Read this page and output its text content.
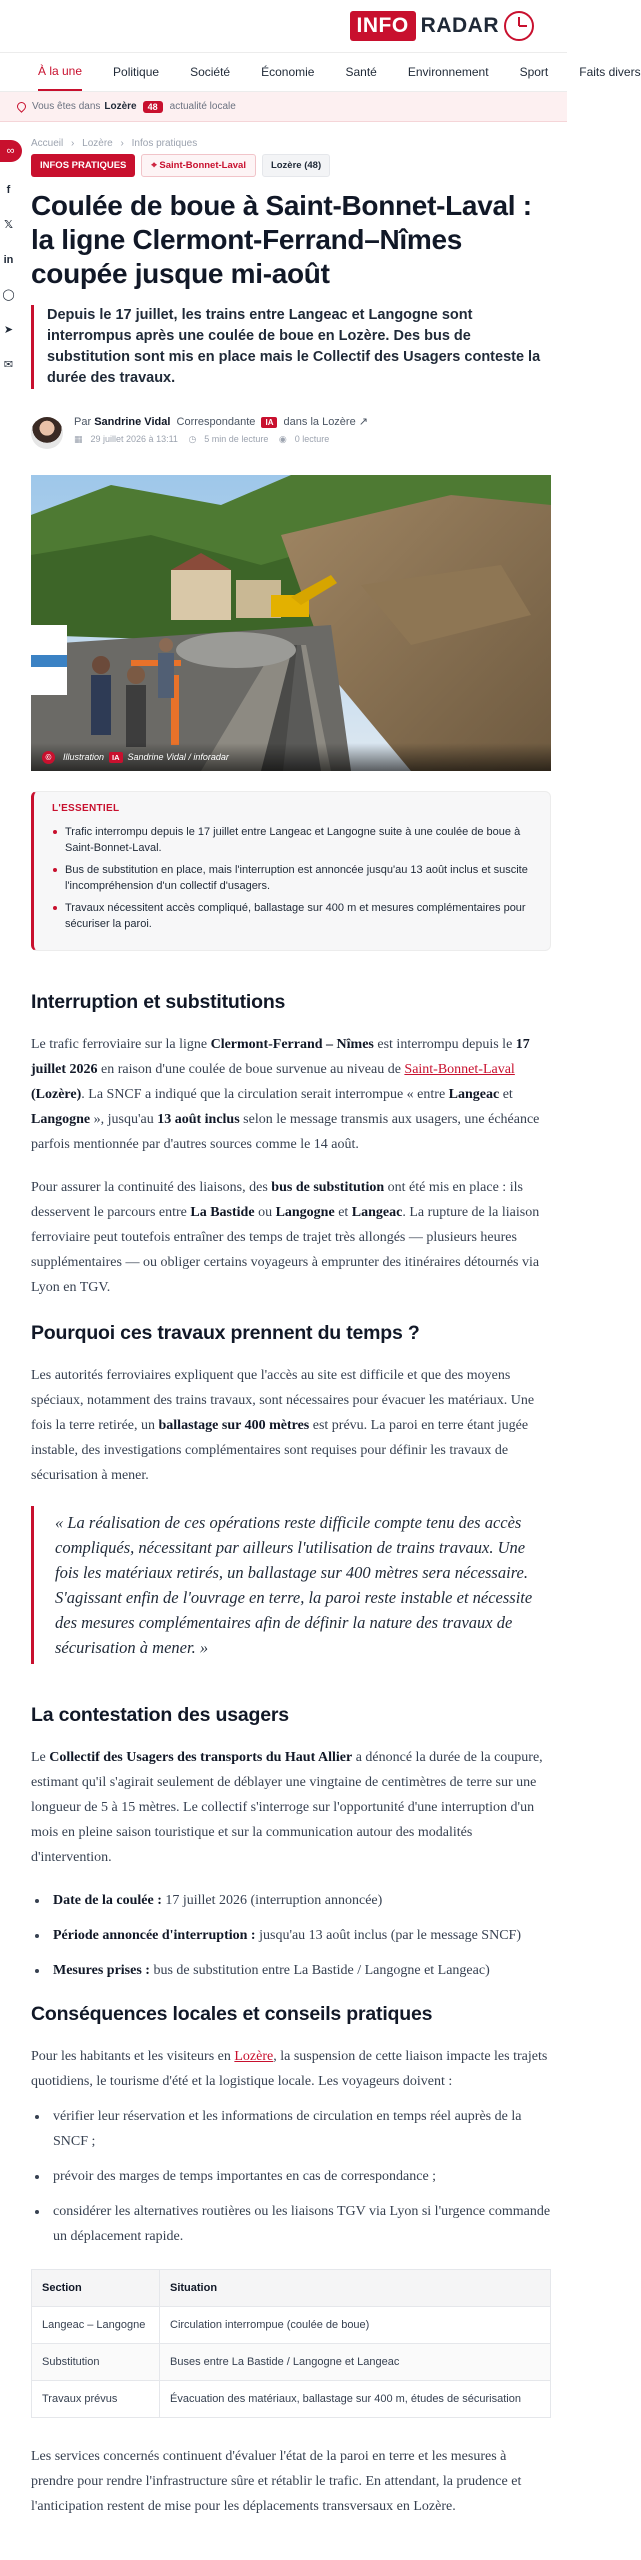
INFO RADAR
À la une	Politique	Société	Économie	Santé	Environnement	Sport	Faits divers
Vous êtes dans Lozère	48	actualité locale
∞
f
𝕏
in
◯
➤
✉
Accueil › Lozère › Infos pratiques
INFOS PRATIQUES	⌖ Saint-Bonnet-Laval	Lozère (48)
Coulée de boue à Saint-Bonnet-Laval : la ligne Clermont-Ferrand–Nîmes coupée jusque mi-août

Depuis le 17 juillet, les trains entre Langeac et Langogne sont interrompus après une coulée de boue en Lozère. Des bus de substitution sont mis en place mais le Collectif des Usagers conteste la durée des travaux.

Par Sandrine Vidal Correspondante IA dans la Lozère ↗
▦ 29 juillet 2026 à 13:11 ◷ 5 min de lecture ◉ 0 lecture
©	Illustration	IA Sandrine Vidal / inforadar
L'ESSENTIEL
Trafic interrompu depuis le 17 juillet entre Langeac et Langogne suite à une coulée de boue à Saint-Bonnet-Laval.
Bus de substitution en place, mais l'interruption est annoncée jusqu'au 13 août inclus et suscite l'incompréhension d'un collectif d'usagers.
Travaux nécessitent accès compliqué, ballastage sur 400 m et mesures complémentaires pour sécuriser la paroi.
Interruption et substitutions

Le trafic ferroviaire sur la ligne Clermont-Ferrand – Nîmes est interrompu depuis le 17 juillet 2026 en raison d'une coulée de boue survenue au niveau de Saint-Bonnet-Laval (Lozère). La SNCF a indiqué que la circulation serait interrompue « entre Langeac et Langogne », jusqu'au 13 août inclus selon le message transmis aux usagers, une échéance parfois mentionnée par d'autres sources comme le 14 août.

Pour assurer la continuité des liaisons, des bus de substitution ont été mis en place : ils desservent le parcours entre La Bastide ou Langogne et Langeac. La rupture de la liaison ferroviaire peut toutefois entraîner des temps de trajet très allongés — plusieurs heures supplémentaires — ou obliger certains voyageurs à emprunter des itinéraires détournés via Lyon en TGV.

Pourquoi ces travaux prennent du temps ?

Les autorités ferroviaires expliquent que l'accès au site est difficile et que des moyens spéciaux, notamment des trains travaux, sont nécessaires pour évacuer les matériaux. Une fois la terre retirée, un ballastage sur 400 mètres est prévu. La paroi en terre étant jugée instable, des investigations complémentaires sont requises pour définir les travaux de sécurisation à mener.

« La réalisation de ces opérations reste difficile compte tenu des accès compliqués, nécessitant par ailleurs l'utilisation de trains travaux. Une fois les matériaux retirés, un ballastage sur 400 mètres sera nécessaire. S'agissant enfin de l'ouvrage en terre, la paroi reste instable et nécessite des mesures complémentaires afin de définir la nature des travaux de sécurisation à mener. »
La contestation des usagers

Le Collectif des Usagers des transports du Haut Allier a dénoncé la durée de la coupure, estimant qu'il s'agirait seulement de déblayer une vingtaine de centimètres de terre sur une longueur de 5 à 15 mètres. Le collectif s'interroge sur l'opportunité d'une interruption d'un mois en pleine saison touristique et sur la communication autour des modalités d'intervention.

• Date de la coulée : 17 juillet 2026 (interruption annoncée)
• Période annoncée d'interruption : jusqu'au 13 août inclus (par le message SNCF)
• Mesures prises : bus de substitution entre La Bastide / Langogne et Langeac)
Conséquences locales et conseils pratiques

Pour les habitants et les visiteurs en Lozère, la suspension de cette liaison impacte les trajets quotidiens, le tourisme d'été et la logistique locale. Les voyageurs doivent :

• vérifier leur réservation et les informations de circulation en temps réel auprès de la SNCF ;
• prévoir des marges de temps importantes en cas de correspondance ;
• considérer les alternatives routières ou les liaisons TGV via Lyon si l'urgence commande un déplacement rapide.
Section	Situation
Langeac – Langogne	Circulation interrompue (coulée de boue)
Substitution	Buses entre La Bastide / Langogne et Langeac
Travaux prévus	Évacuation des matériaux, ballastage sur 400 m, études de sécurisation

Les services concernés continuent d'évaluer l'état de la paroi en terre et les mesures à prendre pour rendre l'infrastructure sûre et rétablir le trafic. En attendant, la prudence et l'anticipation restent de mise pour les déplacements transversaux en Lozère.
